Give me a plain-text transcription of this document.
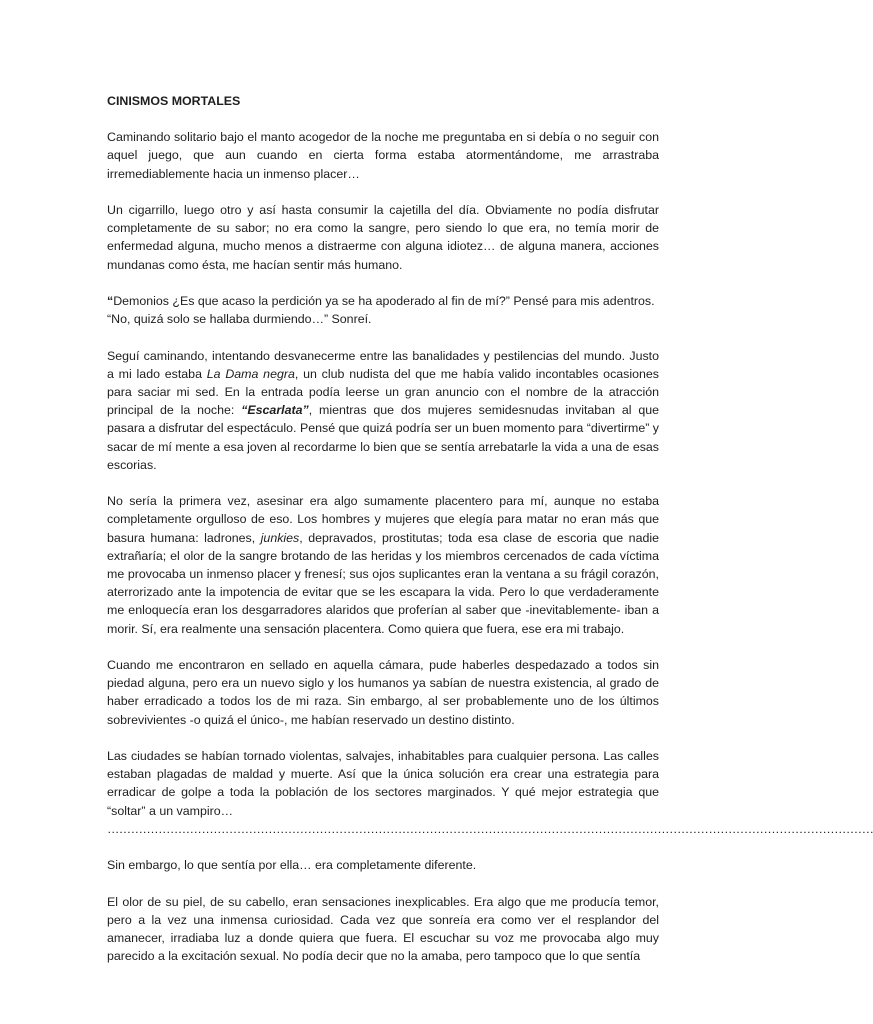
CINISMOS MORTALES

Caminando solitario bajo el manto acogedor de la noche me preguntaba en si debía o no seguir con aquel juego, que aun cuando en cierta forma estaba atormentándome, me arrastraba irremediablemente hacia un inmenso placer…

Un cigarrillo, luego otro y así hasta consumir la cajetilla del día. Obviamente no podía disfrutar completamente de su sabor; no era como la sangre, pero siendo lo que era, no temía morir de enfermedad alguna, mucho menos a distraerme con alguna idiotez… de alguna manera, acciones mundanas como ésta, me hacían sentir más humano.

“Demonios ¿Es que acaso la perdición ya se ha apoderado al fin de mí?” Pensé para mis adentros.
“No, quizá solo se hallaba durmiendo…” Sonreí.

Seguí caminando, intentando desvanecerme entre las banalidades y pestilencias del mundo. Justo a mi lado estaba La Dama negra, un club nudista del que me había valido incontables ocasiones para saciar mi sed. En la entrada podía leerse un gran anuncio con el nombre de la atracción principal de la noche: “Escarlata”, mientras que dos mujeres semidesnudas invitaban al que pasara a disfrutar del espectáculo. Pensé que quizá podría ser un buen momento para “divertirme” y sacar de mí mente a esa joven al recordarme lo bien que se sentía arrebatarle la vida a una de esas escorias.

No sería la primera vez, asesinar era algo sumamente placentero para mí, aunque no estaba completamente orgulloso de eso. Los hombres y mujeres que elegía para matar no eran más que basura humana: ladrones, junkies, depravados, prostitutas; toda esa clase de escoria que nadie extrañaría; el olor de la sangre brotando de las heridas y los miembros cercenados de cada víctima me provocaba un inmenso placer y frenesí; sus ojos suplicantes eran la ventana a su frágil corazón, aterrorizado ante la impotencia de evitar que se les escapara la vida. Pero lo que verdaderamente me enloquecía eran los desgarradores alaridos que proferían al saber que -inevitablemente- iban a morir. Sí, era realmente una sensación placentera. Como quiera que fuera, ese era mi trabajo.

Cuando me encontraron en sellado en aquella cámara, pude haberles despedazado a todos sin piedad alguna, pero era un nuevo siglo y los humanos ya sabían de nuestra existencia, al grado de haber erradicado a todos los de mi raza. Sin embargo, al ser probablemente uno de los últimos sobrevivientes -o quizá el único-, me habían reservado un destino distinto.

Las ciudades se habían tornado violentas, salvajes, inhabitables para cualquier persona. Las calles estaban plagadas de maldad y muerte. Así que la única solución era crear una estrategia para erradicar de golpe a toda la población de los sectores marginados. Y qué mejor estrategia que “soltar” a un vampiro…

……………………………………………………………………………………………………………………………………………………………………………

Sin embargo, lo que sentía por ella… era completamente diferente.

El olor de su piel, de su cabello, eran sensaciones inexplicables. Era algo que me producía temor, pero a la vez una inmensa curiosidad. Cada vez que sonreía era como ver el resplandor del amanecer, irradiaba luz a donde quiera que fuera. El escuchar su voz me provocaba algo muy parecido a la excitación sexual. No podía decir que no la amaba, pero tampoco que lo que sentía
